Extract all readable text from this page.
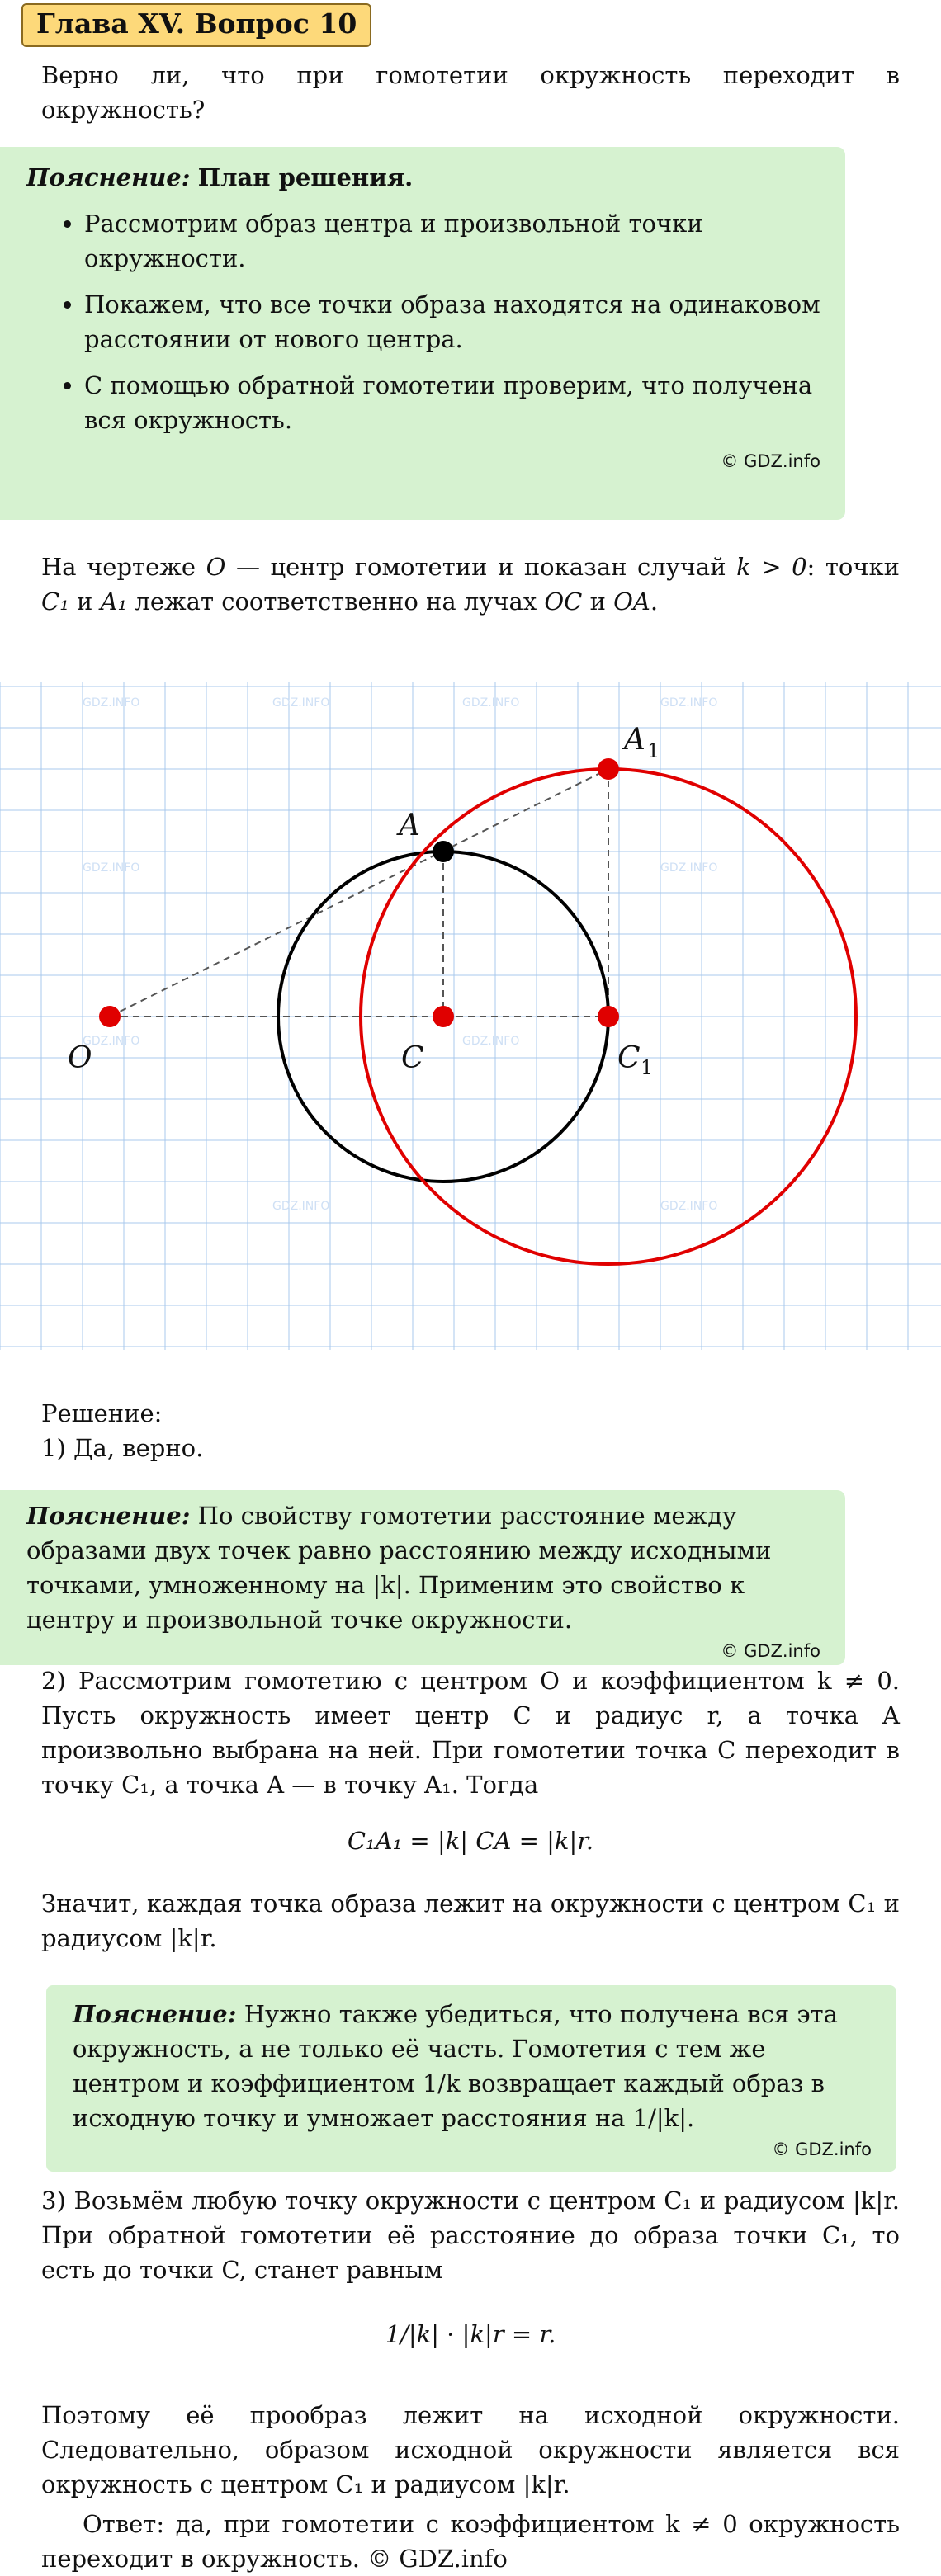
Глава XV. Вопрос 10
Верно ли, что при гомотетии окружность переходит в окружность?
Пояснение: План решения.
• Рассмотрим образ центра и произвольной точки окружности.
• Покажем, что все точки образа находятся на одинаковом расстоянии от нового центра.
• С помощью обратной гомотетии проверим, что получена вся окружность.
© GDZ.info
На чертеже O — центр гомотетии и показан случай k > 0: точки C₁ и A₁ лежат соответственно на лучах OC и OA.
GDZ.INFO	GDZ.INFO	GDZ.INFO	GDZ.INFO
GDZ.INFO	GDZ.INFO
GDZ.INFO	GDZ.INFO
GDZ.INFO
GDZ.INFO
O	C
A
C 1
A 1
Решение:
1) Да, верно.
Пояснение: По свойству гомотетии расстояние между образами двух точек равно расстоянию между исходными точками, умноженному на |k|. Применим это свойство к центру и произвольной точке окружности.
© GDZ.info
2) Рассмотрим гомотетию с центром O и коэффициентом k ≠ 0. Пусть окружность имеет центр C и радиус r, а точка A произвольно выбрана на ней. При гомотетии точка C переходит в точку C₁, а точка A — в точку A₁. Тогда
C₁A₁ = |k| CA = |k|r.
Значит, каждая точка образа лежит на окружности с центром C₁ и радиусом |k|r.
Пояснение: Нужно также убедиться, что получена вся эта окружность, а не только её часть. Гомотетия с тем же центром и коэффициентом 1/k возвращает каждый образ в исходную точку и умножает расстояния на 1/|k|.
© GDZ.info
3) Возьмём любую точку окружности с центром C₁ и радиусом |k|r. При обратной гомотетии её расстояние до образа точки C₁, то есть до точки C, станет равным
1/|k| · |k|r = r.
Поэтому её прообраз лежит на исходной окружности. Следовательно, образом исходной окружности является вся окружность с центром C₁ и радиусом |k|r.
Ответ: да, при гомотетии с коэффициентом k ≠ 0 окружность переходит в окружность. © GDZ.info
